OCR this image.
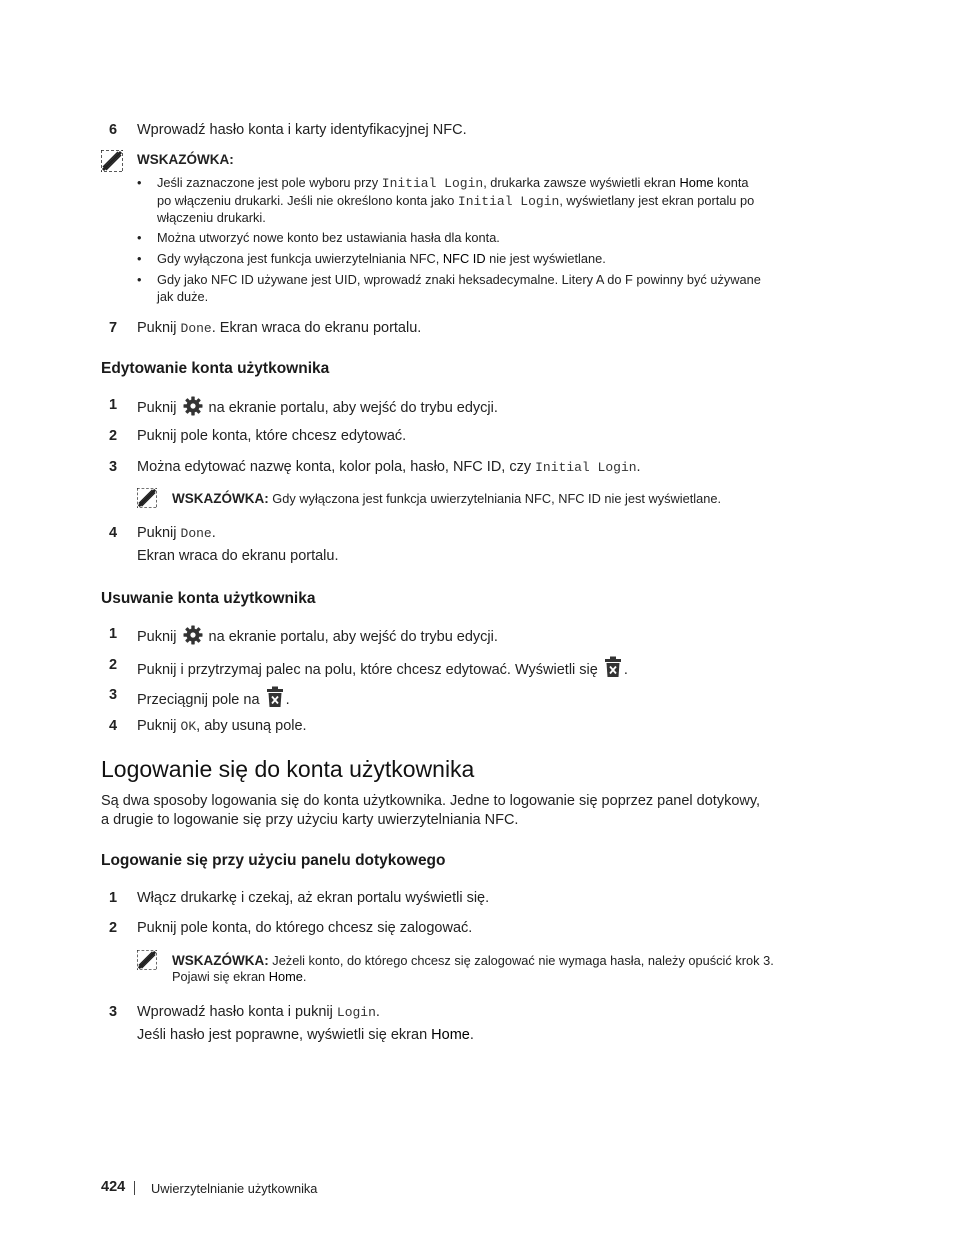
6 Wprowadź hasło konta i karty identyfikacyjnej NFC.
WSKAZÓWKA:
• Jeśli zaznaczone jest pole wyboru przy Initial Login, drukarka zawsze wyświetli ekran Home konta
po włączeniu drukarki. Jeśli nie określono konta jako Initial Login, wyświetlany jest ekran portalu po
włączeniu drukarki.
• Można utworzyć nowe konto bez ustawiania hasła dla konta.
• Gdy wyłączona jest funkcja uwierzytelniania NFC, NFC ID nie jest wyświetlane.
• Gdy jako NFC ID używane jest UID, wprowadź znaki heksadecymalne. Litery A do F powinny być używane
jak duże.
7 Puknij Done. Ekran wraca do ekranu portalu.
Edytowanie konta użytkownika
1 Puknij  na ekranie portalu, aby wejść do trybu edycji.
2 Puknij pole konta, które chcesz edytować.
3 Można edytować nazwę konta, kolor pola, hasło, NFC ID, czy Initial Login.
WSKAZÓWKA: Gdy wyłączona jest funkcja uwierzytelniania NFC, NFC ID nie jest wyświetlane.
4 Puknij Done.
Ekran wraca do ekranu portalu.
Usuwanie konta użytkownika
1 Puknij  na ekranie portalu, aby wejść do trybu edycji.
2 Puknij i przytrzymaj palec na polu, które chcesz edytować. Wyświetli się .
3 Przeciągnij pole na .
4 Puknij OK, aby usuną pole.
Logowanie się do konta użytkownika
Są dwa sposoby logowania się do konta użytkownika. Jedne to logowanie się poprzez panel dotykowy,
a drugie to logowanie się przy użyciu karty uwierzytelniania NFC.
Logowanie się przy użyciu panelu dotykowego
1 Włącz drukarkę i czekaj, aż ekran portalu wyświetli się.
2 Puknij pole konta, do którego chcesz się zalogować.
WSKAZÓWKA: Jeżeli konto, do którego chcesz się zalogować nie wymaga hasła, należy opuścić krok 3.
Pojawi się ekran Home.
3 Wprowadź hasło konta i puknij Login.
Jeśli hasło jest poprawne, wyświetli się ekran Home.
424 Uwierzytelnianie użytkownika
